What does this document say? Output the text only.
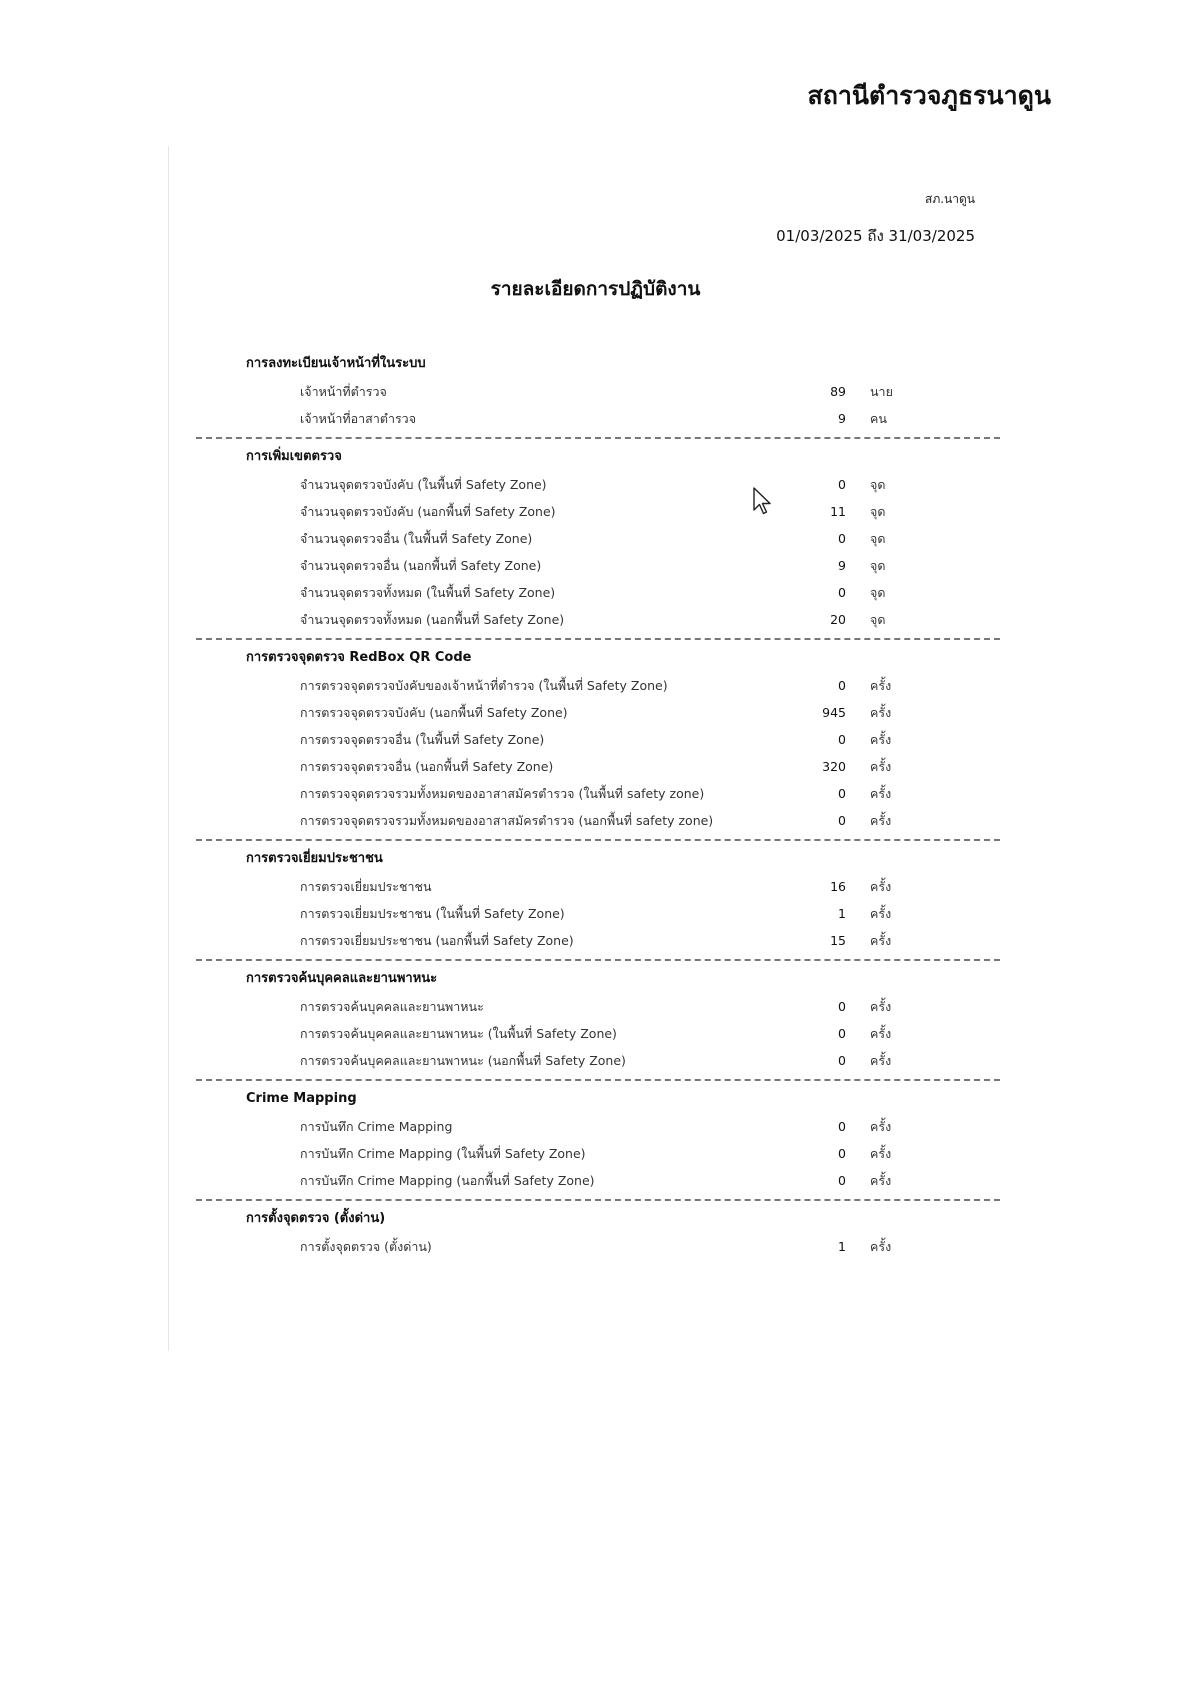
สถานีตำรวจภูธรนาดูน
สภ.นาดูน
01/03/2025 ถึง 31/03/2025
รายละเอียดการปฏิบัติงาน
การลงทะเบียนเจ้าหน้าที่ในระบบ
เจ้าหน้าที่ตำรวจ	89 นาย
เจ้าหน้าที่อาสาตำรวจ	9 คน
การเพิ่มเขตตรวจ
จำนวนจุดตรวจบังคับ (ในพื้นที่ Safety Zone)	0 จุด
จำนวนจุดตรวจบังคับ (นอกพื้นที่ Safety Zone)	11 จุด
จำนวนจุดตรวจอื่น (ในพื้นที่ Safety Zone)	0 จุด
จำนวนจุดตรวจอื่น (นอกพื้นที่ Safety Zone)	9 จุด
จำนวนจุดตรวจทั้งหมด (ในพื้นที่ Safety Zone)	0 จุด
จำนวนจุดตรวจทั้งหมด (นอกพื้นที่ Safety Zone)	20 จุด
การตรวจจุดตรวจ RedBox QR Code
การตรวจจุดตรวจบังคับของเจ้าหน้าที่ตำรวจ (ในพื้นที่ Safety Zone)	0 ครั้ง
การตรวจจุดตรวจบังคับ (นอกพื้นที่ Safety Zone)	945 ครั้ง
การตรวจจุดตรวจอื่น (ในพื้นที่ Safety Zone)	0 ครั้ง
การตรวจจุดตรวจอื่น (นอกพื้นที่ Safety Zone)	320 ครั้ง
การตรวจจุดตรวจรวมทั้งหมดของอาสาสมัครตำรวจ (ในพื้นที่ safety zone)	0 ครั้ง
การตรวจจุดตรวจรวมทั้งหมดของอาสาสมัครตำรวจ (นอกพื้นที่ safety zone)	0 ครั้ง
การตรวจเยี่ยมประชาชน
การตรวจเยี่ยมประชาชน	16 ครั้ง
การตรวจเยี่ยมประชาชน (ในพื้นที่ Safety Zone)	1 ครั้ง
การตรวจเยี่ยมประชาชน (นอกพื้นที่ Safety Zone)	15 ครั้ง
การตรวจค้นบุคคลและยานพาหนะ
การตรวจค้นบุคคลและยานพาหนะ	0 ครั้ง
การตรวจค้นบุคคลและยานพาหนะ (ในพื้นที่ Safety Zone)	0 ครั้ง
การตรวจค้นบุคคลและยานพาหนะ (นอกพื้นที่ Safety Zone)	0 ครั้ง
Crime Mapping
การบันทึก Crime Mapping	0 ครั้ง
การบันทึก Crime Mapping (ในพื้นที่ Safety Zone)	0 ครั้ง
การบันทึก Crime Mapping (นอกพื้นที่ Safety Zone)	0 ครั้ง
การตั้งจุดตรวจ (ตั้งด่าน)
การตั้งจุดตรวจ (ตั้งด่าน)	1 ครั้ง
